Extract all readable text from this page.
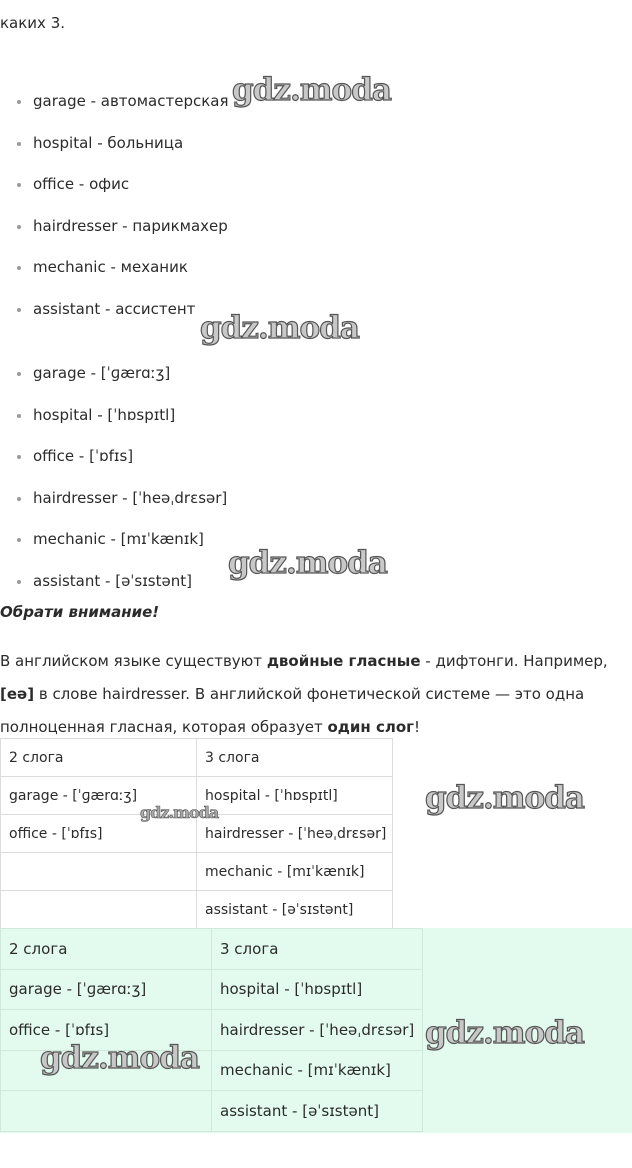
каких 3.

garage - автомастерская
hospital - больница
office - офис
hairdresser - парикмахер
mechanic - механик
assistant - ассистент
garage - [ˈɡærɑːʒ]
hospital - [ˈhɒspɪtl]
office - [ˈɒfɪs]
hairdresser - [ˈheəˌdrɛsər]
mechanic - [mɪˈkænɪk]
assistant - [əˈsɪstənt]

Обрати внимание!

В английском языке существуют двойные гласные - дифтонги. Например, [eə] в слове hairdresser. В английской фонетической системе — это одна полноценная гласная, которая образует один слог!

2 слога	3 слога
garage - [ˈɡærɑːʒ]	hospital - [ˈhɒspɪtl]
office - [ˈɒfɪs]	hairdresser - [ˈheəˌdrɛsər]
	mechanic - [mɪˈkænɪk]
	assistant - [əˈsɪstənt]
2 слога	3 слога
garage - [ˈɡærɑːʒ]	hospital - [ˈhɒspɪtl]
office - [ˈɒfɪs]	hairdresser - [ˈheəˌdrɛsər]
	mechanic - [mɪˈkænɪk]
	assistant - [əˈsɪstənt]
gdz.moda
gdz.moda
gdz.moda
gdz.moda
gdz.moda
gdz.moda
gdz.moda
